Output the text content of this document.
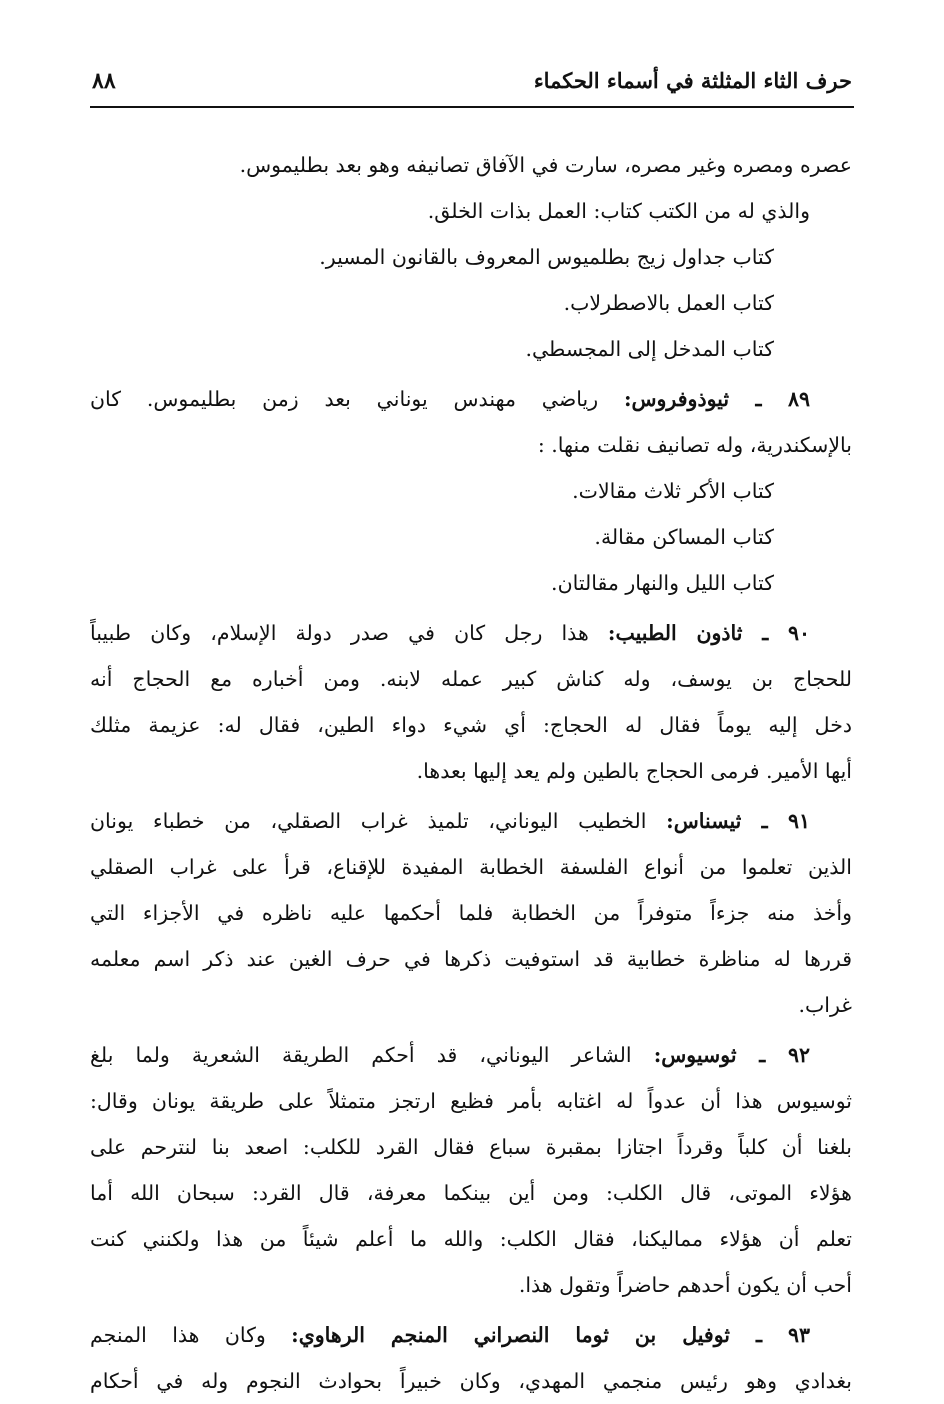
٨٨	حرف الثاء المثلثة في أسماء الحكماء

عصره ومصره وغير مصره، سارت في الآفاق تصانيفه وهو بعد بطليموس.

والذي له من الكتب كتاب: العمل بذات الخلق.
كتاب جداول زيج بطلميوس المعروف بالقانون المسير.
كتاب العمل بالاصطرلاب.
كتاب المدخل إلى المجسطي.

٨٩ ـ ثيوذوفروس: رياضي مهندس يوناني بعد زمن بطليموس. كان
بالإسكندرية، وله تصانيف نقلت منها. :
كتاب الأكر ثلاث مقالات.
كتاب المساكن مقالة.
كتاب الليل والنهار مقالتان.

٩٠ ـ ثاذون الطبيب: هذا رجل كان في صدر دولة الإسلام، وكان طبيباً
للحجاج بن يوسف، وله كناش كبير عمله لابنه. ومن أخباره مع الحجاج أنه
دخل إليه يوماً فقال له الحجاج: أي شيء دواء الطين، فقال له: عزيمة مثلك
أيها الأمير. فرمى الحجاج بالطين ولم يعد إليها بعدها.

٩١ ـ ثيسناس: الخطيب اليوناني، تلميذ غراب الصقلي، من خطباء يونان
الذين تعلموا من أنواع الفلسفة الخطابة المفيدة للإقناع، قرأ على غراب الصقلي
وأخذ منه جزءاً متوفراً من الخطابة فلما أحكمها عليه ناظره في الأجزاء التي
قررها له مناظرة خطابية قد استوفيت ذكرها في حرف الغين عند ذكر اسم معلمه
غراب.

٩٢ ـ ثوسيوس: الشاعر اليوناني، قد أحكم الطريقة الشعرية ولما بلغ
ثوسيوس هذا أن عدواً له اغتابه بأمر فظيع ارتجز متمثلاً على طريقة يونان وقال:
بلغنا أن كلباً وقرداً اجتازا بمقبرة سباع فقال القرد للكلب: اصعد بنا لنترحم على
هؤلاء الموتى، قال الكلب: ومن أين بينكما معرفة، قال القرد: سبحان الله أما
تعلم أن هؤلاء مماليكنا، فقال الكلب: والله ما أعلم شيئاً من هذا ولكنني كنت
أحب أن يكون أحدهم حاضراً وتقول هذا.

٩٣ ـ ثوفيل بن ثوما النصراني المنجم الرهاوي: وكان هذا المنجم
بغدادي وهو رئيس منجمي المهدي، وكان خبيراً بحوادث النجوم وله في أحكام
